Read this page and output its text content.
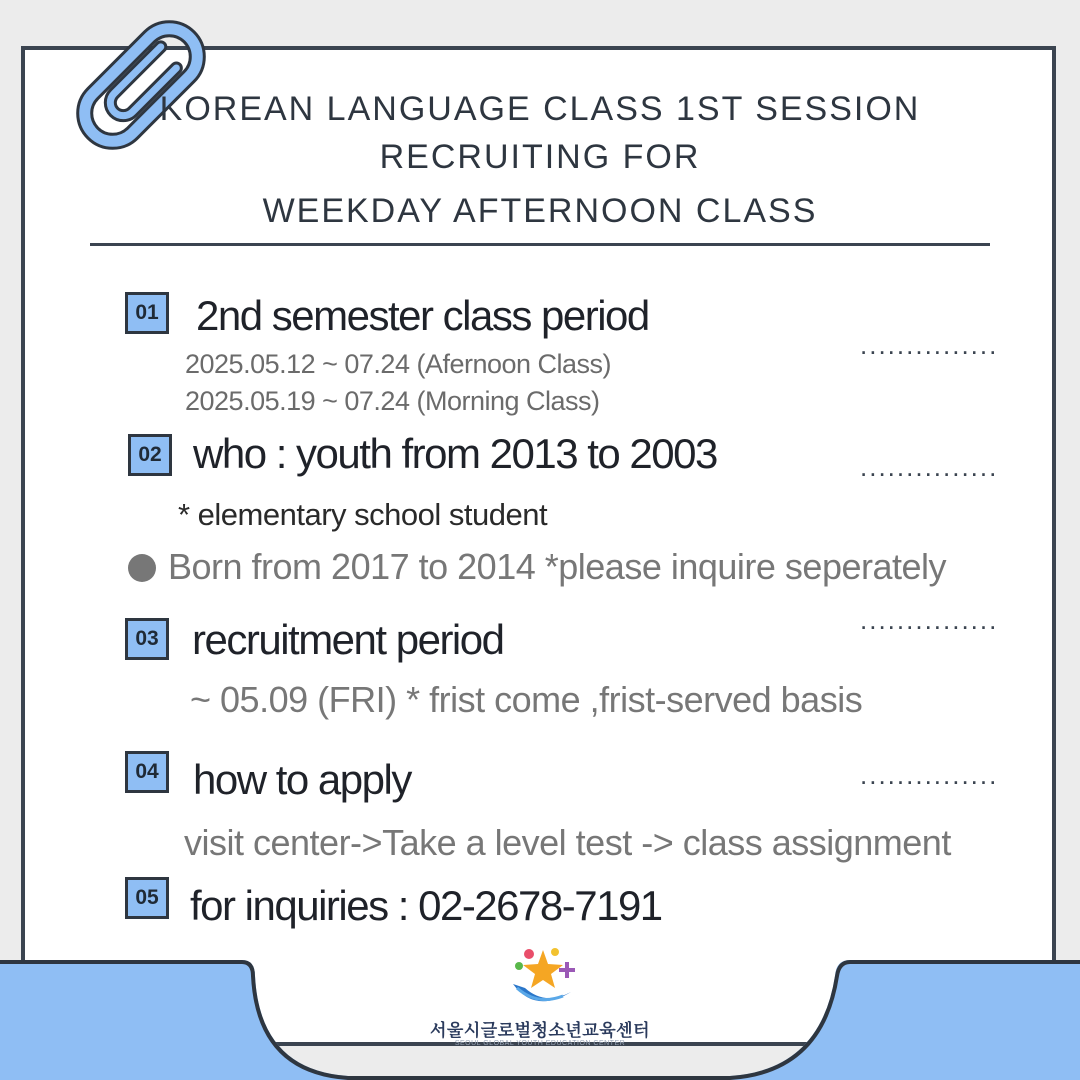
KOREAN LANGUAGE CLASS 1ST SESSION
RECRUITING FOR
WEEKDAY AFTERNOON CLASS
01 2nd semester class period
...............
2025.05.12 ~ 07.24 (Afernoon Class)
2025.05.19 ~ 07.24 (Morning Class)
02 who : youth from 2013 to 2003	...............
* elementary school student
Born from 2017 to 2014 *please inquire seperately
03 recruitment period	...............
~ 05.09 (FRI) * frist come ,frist-served basis
04 how to apply	...............
visit center->Take a level test -> class assignment
05 for inquiries : 02-2678-7191
서울시글로벌청소년교육센터
SEOUL GLOBAL YOUTH EDUCATION CENTER
